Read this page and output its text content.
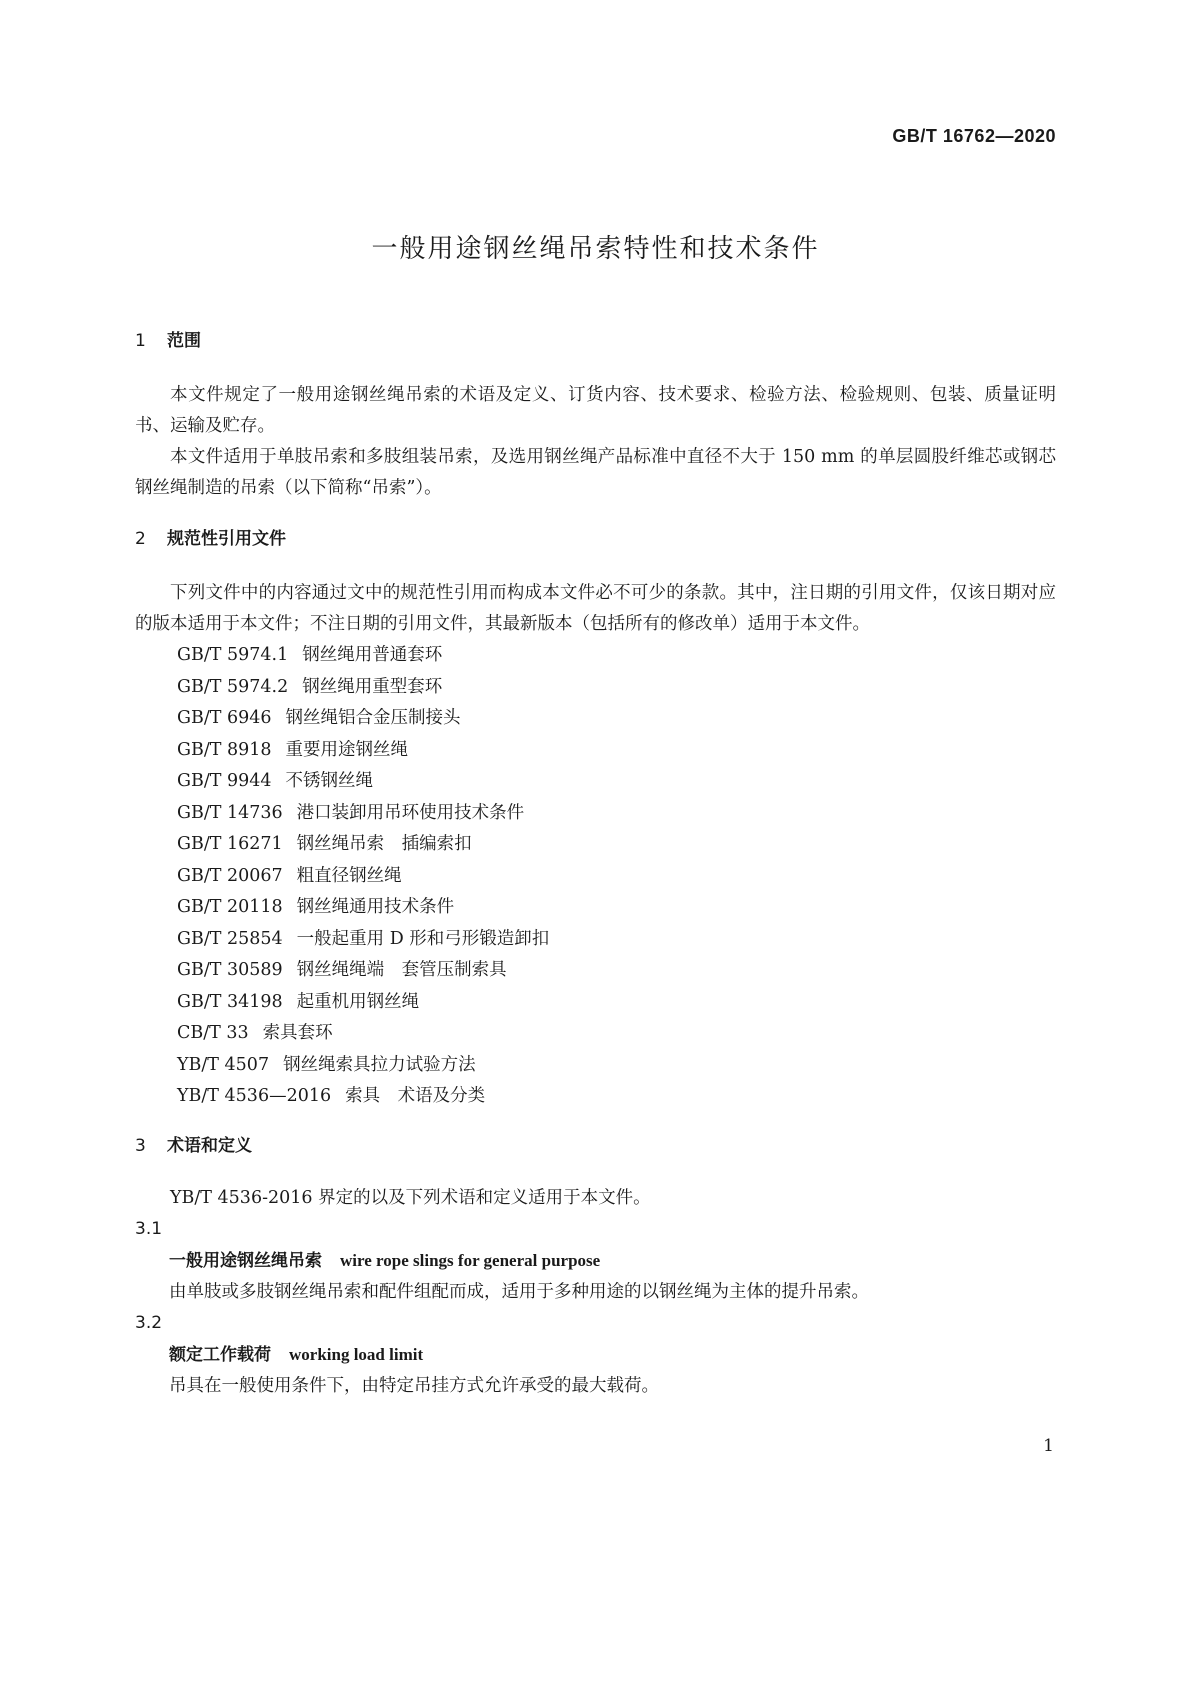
GB/T 16762—2020
一般用途钢丝绳吊索特性和技术条件
1	范围

本文件规定了一般用途钢丝绳吊索的术语及定义、订货内容、技术要求、检验方法、检验规则、包装、质量证明书、运输及贮存。

本文件适用于单肢吊索和多肢组装吊索，及选用钢丝绳产品标准中直径不大于 150 mm 的单层圆股纤维芯或钢芯钢丝绳制造的吊索（以下简称“吊索”）。

2	规范性引用文件

下列文件中的内容通过文中的规范性引用而构成本文件必不可少的条款。其中，注日期的引用文件，仅该日期对应的版本适用于本文件；不注日期的引用文件，其最新版本（包括所有的修改单）适用于本文件。

GB/T 5974.1 钢丝绳用普通套环
GB/T 5974.2 钢丝绳用重型套环
GB/T 6946 钢丝绳铝合金压制接头
GB/T 8918 重要用途钢丝绳
GB/T 9944 不锈钢丝绳
GB/T 14736 港口装卸用吊环使用技术条件
GB/T 16271 钢丝绳吊索　插编索扣
GB/T 20067 粗直径钢丝绳
GB/T 20118 钢丝绳通用技术条件
GB/T 25854 一般起重用 D 形和弓形锻造卸扣
GB/T 30589 钢丝绳绳端　套管压制索具
GB/T 34198 起重机用钢丝绳
CB/T 33 索具套环
YB/T 4507 钢丝绳索具拉力试验方法
YB/T 4536—2016 索具　术语及分类
3	术语和定义

YB/T 4536-2016 界定的以及下列术语和定义适用于本文件。

3.1
一般用途钢丝绳吊索 wire rope slings for general purpose
由单肢或多肢钢丝绳吊索和配件组配而成，适用于多种用途的以钢丝绳为主体的提升吊索。
3.2
额定工作载荷 working load limit
吊具在一般使用条件下，由特定吊挂方式允许承受的最大载荷。
1
